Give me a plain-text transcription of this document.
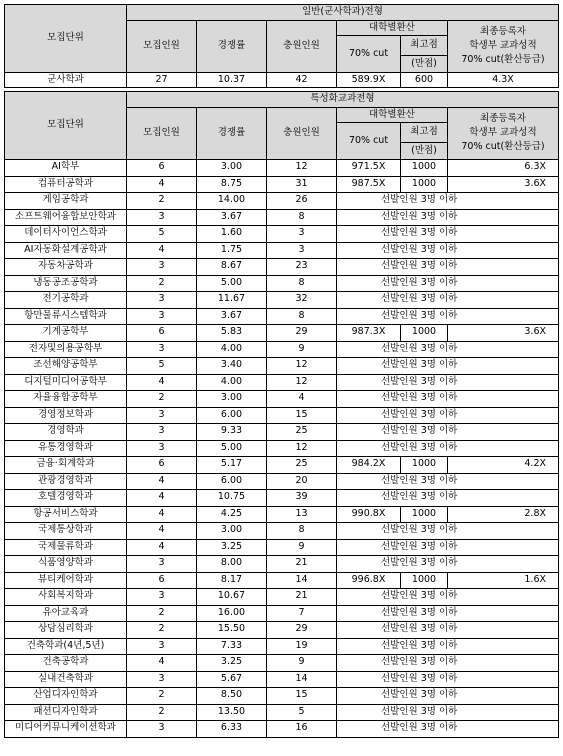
모집단위	일반(군사학과)전형					
	모집인원	경쟁률	충원인원	대학별환산		최종등록자
학생부 교과성적
70% cut(환산등급)

				70% cut	최고점	
					(만점)	
군사학과	27	10.37	42	589.9X	600	4.3X
모집단위	특성화교과전형					
	모집인원	경쟁률	충원인원	대학별환산		최종등록자
학생부 교과성적
70% cut(환산등급)

				70% cut	최고점	
					(만점)	
AI학부	6	3.00	12	971.5X	1000	6.3X
컴퓨터공학과	4	8.75	31	987.5X	1000	3.6X
게임공학과	2	14.00	26	선발인원 3명 이하		
소프트웨어융합보안학과	3	3.67	8	선발인원 3명 이하		
데이터사이언스학과	5	1.60	3	선발인원 3명 이하		
AI자동화설계공학과	4	1.75	3	선발인원 3명 이하		
자동차공학과	3	8.67	23	선발인원 3명 이하		
냉동공조공학과	2	5.00	8	선발인원 3명 이하		
전기공학과	3	11.67	32	선발인원 3명 이하		
항만물류시스템학과	3	3.67	8	선발인원 3명 이하		
기계공학부	6	5.83	29	987.3X	1000	3.6X
전자및의용공학부	3	4.00	9	선발인원 3명 이하		
조선해양공학부	5	3.40	12	선발인원 3명 이하		
디지털미디어공학부	4	4.00	12	선발인원 3명 이하		
자율융합공학부	2	3.00	4	선발인원 3명 이하		
경영정보학과	3	6.00	15	선발인원 3명 이하		
경영학과	3	9.33	25	선발인원 3명 이하		
유통경영학과	3	5.00	12	선발인원 3명 이하		
금융·회계학과	6	5.17	25	984.2X	1000	4.2X
관광경영학과	4	6.00	20	선발인원 3명 이하		
호텔경영학과	4	10.75	39	선발인원 3명 이하		
항공서비스학과	4	4.25	13	990.8X	1000	2.8X
국제통상학과	4	3.00	8	선발인원 3명 이하		
국제물류학과	4	3.25	9	선발인원 3명 이하		
식품영양학과	3	8.00	21	선발인원 3명 이하		
뷰티케어학과	6	8.17	14	996.8X	1000	1.6X
사회복지학과	3	10.67	21	선발인원 3명 이하		
유아교육과	2	16.00	7	선발인원 3명 이하		
상담심리학과	2	15.50	29	선발인원 3명 이하		
건축학과(4년,5년)	3	7.33	19	선발인원 3명 이하		
건축공학과	4	3.25	9	선발인원 3명 이하		
실내건축학과	3	5.67	14	선발인원 3명 이하		
산업디자인학과	2	8.50	15	선발인원 3명 이하		
패션디자인학과	2	13.50	5	선발인원 3명 이하		
미디어커뮤니케이션학과	3	6.33	16	선발인원 3명 이하		
